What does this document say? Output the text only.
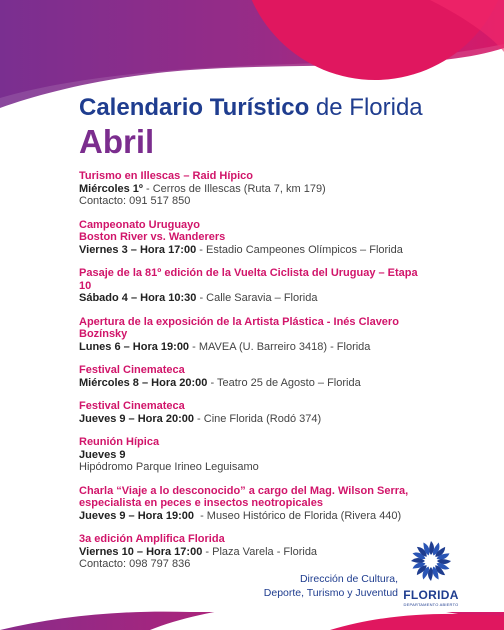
Calendario Turístico de Florida
Abril
Turismo en Illescas – Raid Hípico
Miércoles 1º - Cerros de Illescas (Ruta 7, km 179)
Contacto: 091 517 850
Campeonato Uruguayo
Boston River vs. Wanderers
Viernes 3 – Hora 17:00 - Estadio Campeones Olímpicos – Florida
Pasaje de la 81º edición de la Vuelta Ciclista del Uruguay – Etapa 10
Sábado 4 – Hora 10:30 - Calle Saravia – Florida
Apertura de la exposición de la Artista Plástica - Inés Clavero
Bozínsky
Lunes 6 – Hora 19:00 - MAVEA (U. Barreiro 3418) - Florida
Festival Cinemateca
Miércoles 8 – Hora 20:00 - Teatro 25 de Agosto – Florida
Festival Cinemateca
Jueves 9 – Hora 20:00 - Cine Florida (Rodó 374)
Reunión Hípica
Jueves 9
Hipódromo Parque Irineo Leguisamo
Charla “Viaje a lo desconocido” a cargo del Mag. Wilson Serra,
especialista en peces e insectos neotropicales
Jueves 9 – Hora 19:00  - Museo Histórico de Florida (Rivera 440)
3a edición Amplifica Florida
Viernes 10 – Hora 17:00 - Plaza Varela - Florida
Contacto: 098 797 836
Dirección de Cultura,
Deporte, Turismo y Juventud FLORIDA
DEPARTAMENTO ABIERTO
